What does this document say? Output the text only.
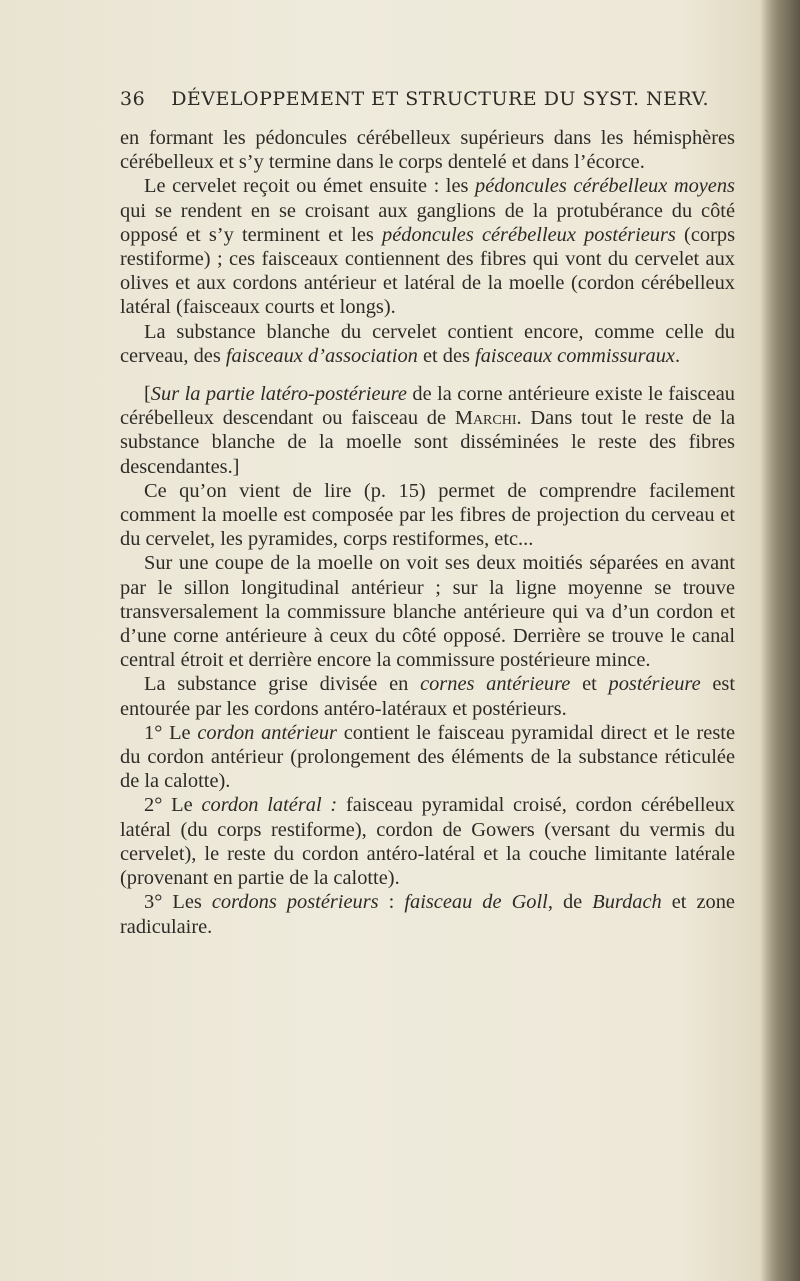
36 DÉVELOPPEMENT ET STRUCTURE DU SYST. NERV.

en formant les pédoncules cérébelleux supérieurs dans les hémisphères cérébelleux et s’y termine dans le corps dentelé et dans l’écorce.

Le cervelet reçoit ou émet ensuite : les pédoncules cérébelleux moyens qui se rendent en se croisant aux ganglions de la protubérance du côté opposé et s’y terminent et les pédoncules cérébelleux postérieurs (corps restiforme) ; ces faisceaux contiennent des fibres qui vont du cervelet aux olives et aux cordons antérieur et latéral de la moelle (cordon cérébelleux latéral (faisceaux courts et longs).

La substance blanche du cervelet contient encore, comme celle du cerveau, des faisceaux d’association et des faisceaux commissuraux.

[Sur la partie latéro-postérieure de la corne antérieure existe le faisceau cérébelleux descendant ou faisceau de Marchi. Dans tout le reste de la substance blanche de la moelle sont disséminées le reste des fibres descendantes.]

Ce qu’on vient de lire (p. 15) permet de comprendre facilement comment la moelle est composée par les fibres de projection du cerveau et du cervelet, les pyramides, corps restiformes, etc...

Sur une coupe de la moelle on voit ses deux moitiés séparées en avant par le sillon longitudinal antérieur ; sur la ligne moyenne se trouve transversalement la commissure blanche antérieure qui va d’un cordon et d’une corne antérieure à ceux du côté opposé. Derrière se trouve le canal central étroit et derrière encore la commissure postérieure mince.

La substance grise divisée en cornes antérieure et postérieure est entourée par les cordons antéro-latéraux et postérieurs.

1° Le cordon antérieur contient le faisceau pyramidal direct et le reste du cordon antérieur (prolongement des éléments de la substance réticulée de la calotte).

2° Le cordon latéral : faisceau pyramidal croisé, cordon cérébelleux latéral (du corps restiforme), cordon de Gowers (versant du vermis du cervelet), le reste du cordon antéro-latéral et la couche limitante latérale (provenant en partie de la calotte).

3° Les cordons postérieurs : faisceau de Goll, de Burdach et zone radiculaire.
